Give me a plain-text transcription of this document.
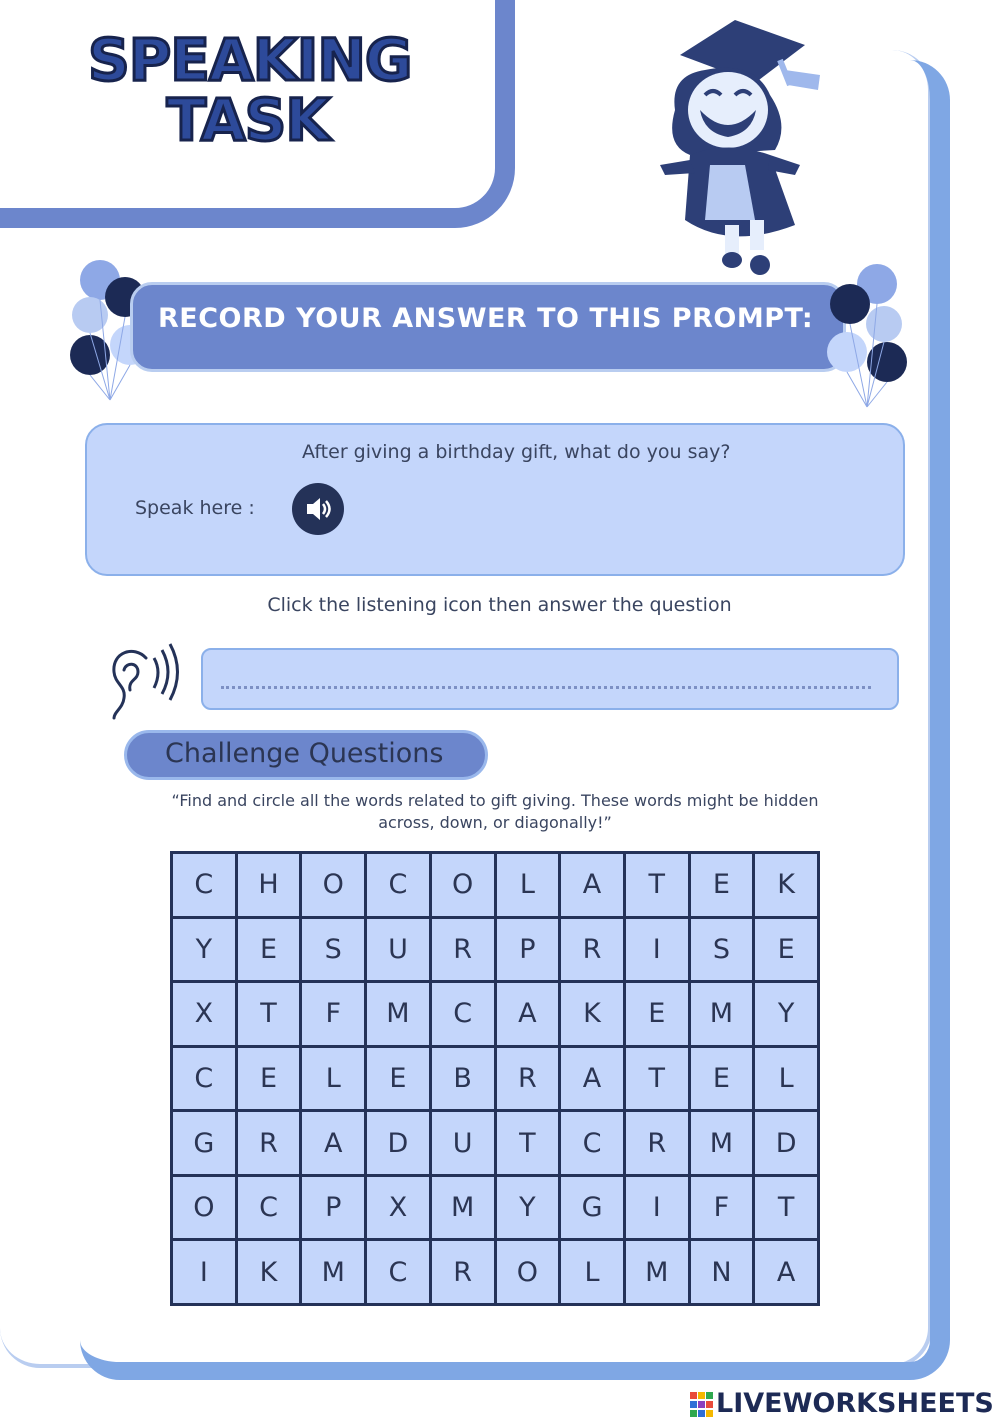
SPEAKING
TASK
RECORD YOUR ANSWER TO THIS PROMPT:
After giving a birthday gift, what do you say?
Speak here :
Click the listening icon then answer the question
Challenge Questions
“Find and circle all the words related to gift giving. These words might be hidden across, down, or diagonally!”
C	H	O	C	O	L	A	T	E	K
Y	E	S	U	R	P	R	I	S	E
X	T	F	M	C	A	K	E	M	Y
C	E	L	E	B	R	A	T	E	L
G	R	A	D	U	T	C	R	M	D
O	C	P	X	M	Y	G	I	F	T
I	K	M	C	R	O	L	M	N	A
LIVEWORKSHEETS
